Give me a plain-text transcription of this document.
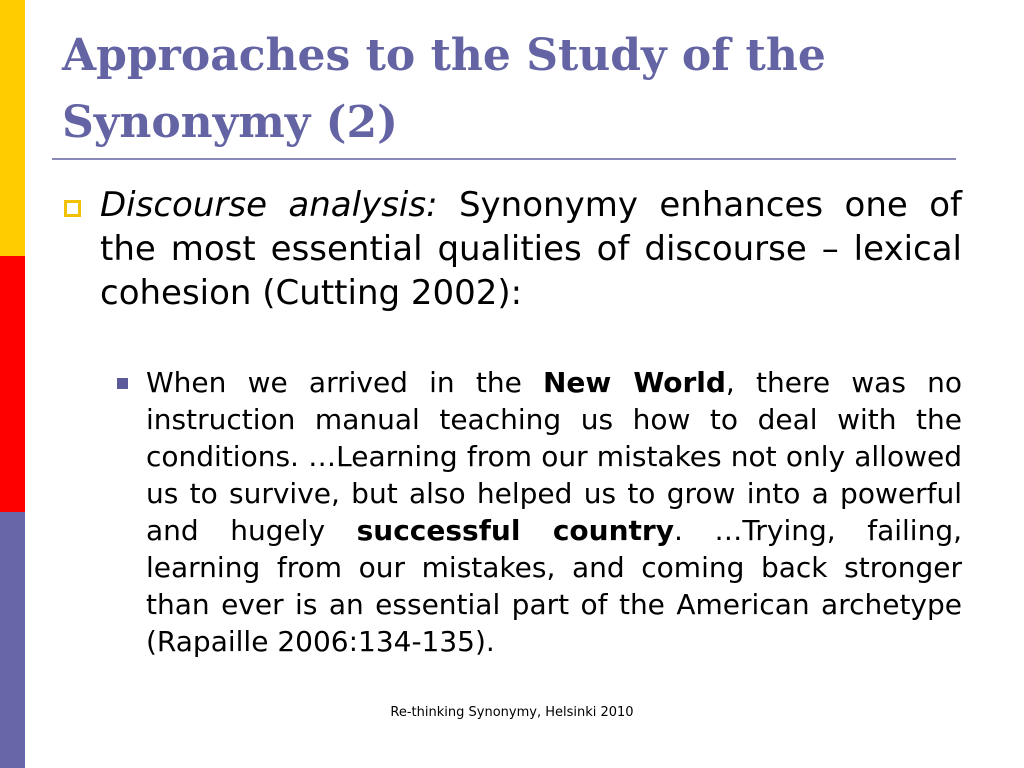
Approaches to the Study of the
Synonymy (2)
Discourse analysis: Synonymy enhances one of the most essential qualities of discourse – lexical cohesion (Cutting 2002):
When we arrived in the New World, there was no instruction manual teaching us how to deal with the conditions. …Learning from our mistakes not only allowed us to survive, but also helped us to grow into a powerful and hugely successful country. …Trying, failing, learning from our mistakes, and coming back stronger than ever is an essential part of the American archetype (Rapaille 2006:134-135).
Re-thinking Synonymy, Helsinki 2010
